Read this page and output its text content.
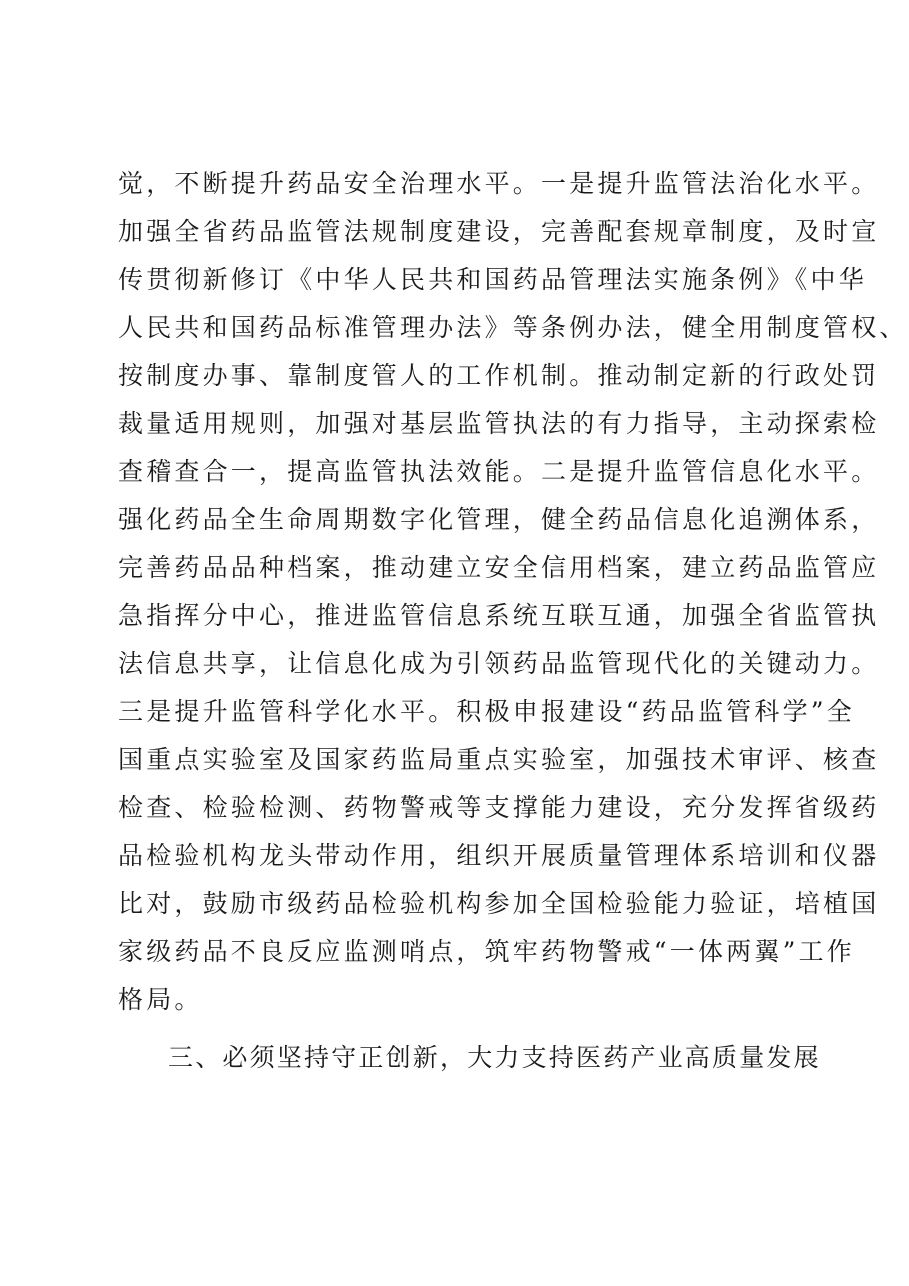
觉，不断提升药品安全治理水平。一是提升监管法治化水平。
加强全省药品监管法规制度建设，完善配套规章制度，及时宣
传贯彻新修订《中华人民共和国药品管理法实施条例》《中华
人民共和国药品标准管理办法》等条例办法，健全用制度管权、
按制度办事、靠制度管人的工作机制。推动制定新的行政处罚
裁量适用规则，加强对基层监管执法的有力指导，主动探索检
查稽查合一，提高监管执法效能。二是提升监管信息化水平。
强化药品全生命周期数字化管理，健全药品信息化追溯体系，
完善药品品种档案，推动建立安全信用档案，建立药品监管应
急指挥分中心，推进监管信息系统互联互通，加强全省监管执
法信息共享，让信息化成为引领药品监管现代化的关键动力。
三是提升监管科学化水平。积极申报建设“药品监管科学”全
国重点实验室及国家药监局重点实验室，加强技术审评、核查
检查、检验检测、药物警戒等支撑能力建设，充分发挥省级药
品检验机构龙头带动作用，组织开展质量管理体系培训和仪器
比对，鼓励市级药品检验机构参加全国检验能力验证，培植国
家级药品不良反应监测哨点，筑牢药物警戒“一体两翼”工作
格局。
三、必须坚持守正创新，大力支持医药产业高质量发展
